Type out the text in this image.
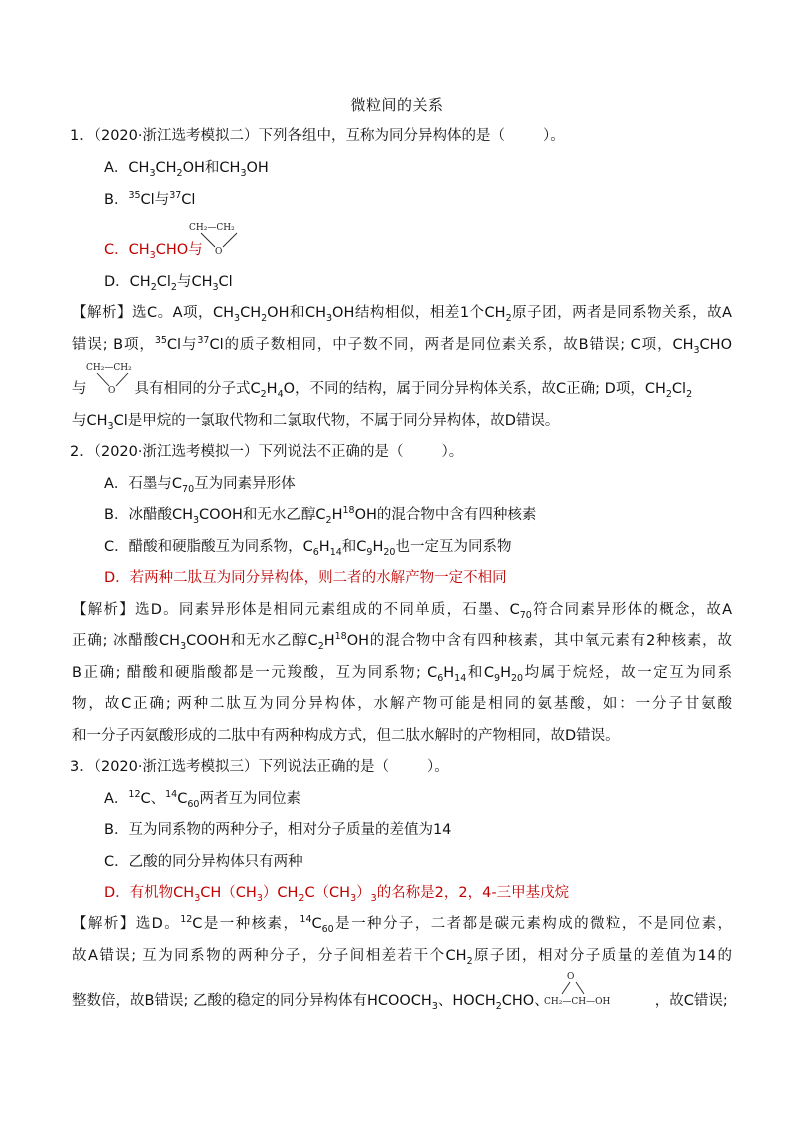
微粒间的关系
1．（2020·浙江选考模拟二）下列各组中，互称为同分异构体的是（	）。
A．$CH_3CH_2OH$和$CH_3OH$
B．$^{35}$Cl与$^{37}$Cl
C．$CH_3CHO$与
CH₂—CH₂
O
D．$CH_2Cl_2$与$CH_3Cl$
【解析】选C。A项，$CH_3CH_2OH$和$CH_3OH$结构相似，相差1个$CH_2$原子团，两者是同系物关系，故A
错误; B项，$^{35}$Cl与$^{37}$Cl的质子数相同，中子数不同，两者是同位素关系，故B错误; C项，$CH_3CHO$
与	具有相同的分子式$C_2H_4O$，不同的结构，属于同分异构体关系，故C正确; D项，$CH_2Cl_2$
CH₂—CH₂
O
与$CH_3Cl$是甲烷的一氯取代物和二氯取代物，不属于同分异构体，故D错误。
2．（2020·浙江选考模拟一）下列说法不正确的是（	）。
A．石墨与$C_{70}$互为同素异形体
B．冰醋酸$CH_3COOH$和无水乙醇$C_2H^{18}OH$的混合物中含有四种核素
C．醋酸和硬脂酸互为同系物，$C_6H_{14}$和$C_9H_{20}$也一定互为同系物
D．若两种二肽互为同分异构体，则二者的水解产物一定不相同
【解析】选D。同素异形体是相同元素组成的不同单质，石墨、$C_{70}$符合同素异形体的概念，故A
正确; 冰醋酸$CH_3COOH$和无水乙醇$C_2H^{18}OH$的混合物中含有四种核素，其中氧元素有2种核素，故
B正确; 醋酸和硬脂酸都是一元羧酸，互为同系物; $C_6H_{14}$和$C_9H_{20}$均属于烷烃，故一定互为同系
物，故C正确; 两种二肽互为同分异构体，水解产物可能是相同的氨基酸，如：一分子甘氨酸
和一分子丙氨酸形成的二肽中有两种构成方式，但二肽水解时的产物相同，故D错误。
3．（2020·浙江选考模拟三）下列说法正确的是（	）。
A．$^{12}$C、$^{14}C_{60}$两者互为同位素
B．互为同系物的两种分子，相对分子质量的差值为14
C．乙酸的同分异构体只有两种
D．有机物$CH_3CH(CH_3)CH_2C(CH_3)_3$的名称是2，2，4-三甲基戊烷
【解析】选D。$^{12}$C是一种核素，$^{14}C_{60}$是一种分子，二者都是碳元素构成的微粒，不是同位素，
故A错误; 互为同系物的两种分子，分子间相差若干个$CH_2$原子团，相对分子质量的差值为14的
整数倍，故B错误; 乙酸的稳定的同分异构体有$HCOOCH_3$、$HOCH_2CHO$、	，故C错误;
O
CH₂—CH—OH
